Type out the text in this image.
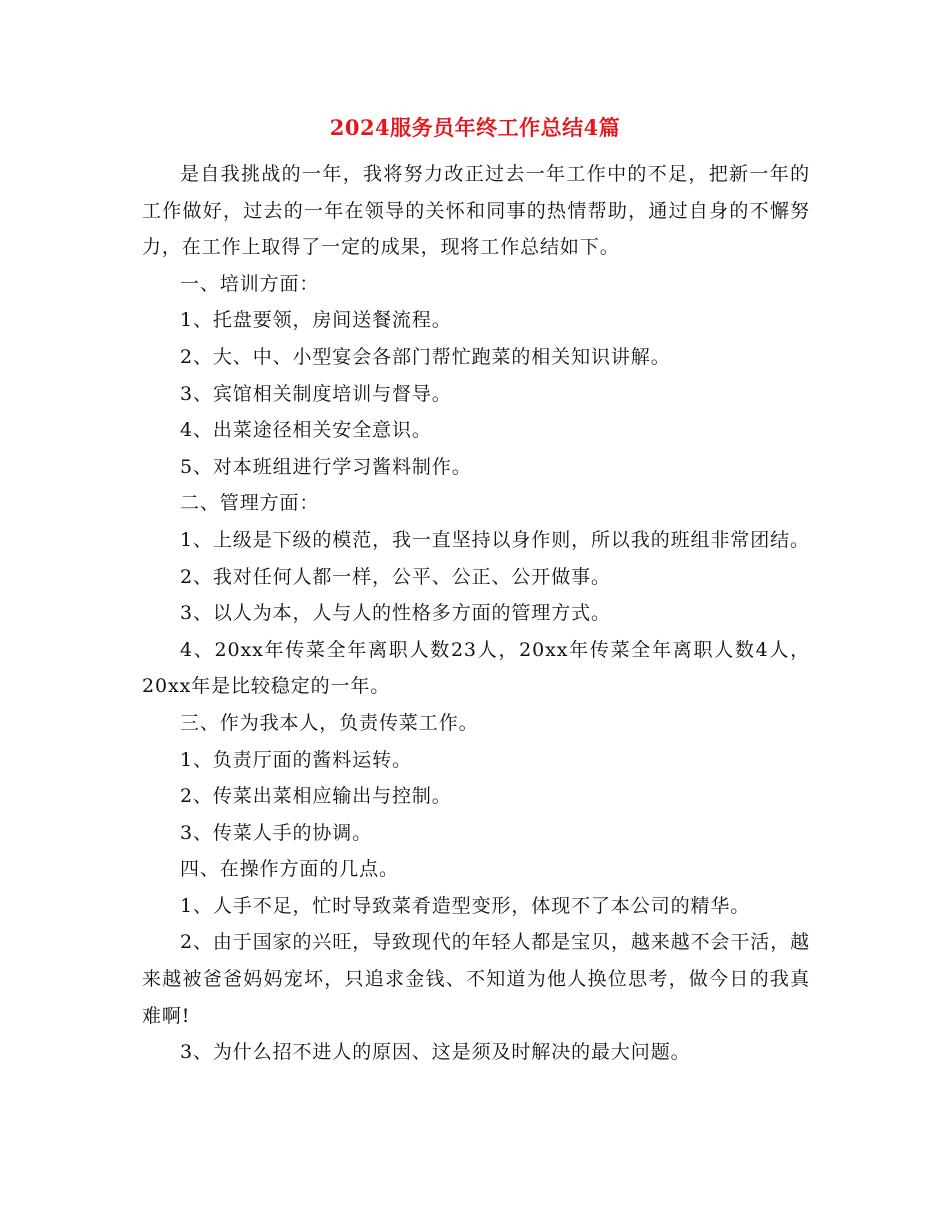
2024服务员年终工作总结4篇

是自我挑战的一年，我将努力改正过去一年工作中的不足，把新一年的工作做好，过去的一年在领导的关怀和同事的热情帮助，通过自身的不懈努力，在工作上取得了一定的成果，现将工作总结如下。

一、培训方面：

1、托盘要领，房间送餐流程。

2、大、中、小型宴会各部门帮忙跑菜的相关知识讲解。

3、宾馆相关制度培训与督导。

4、出菜途径相关安全意识。

5、对本班组进行学习酱料制作。

二、管理方面：

1、上级是下级的模范，我一直坚持以身作则，所以我的班组非常团结。

2、我对任何人都一样，公平、公正、公开做事。

3、以人为本，人与人的性格多方面的管理方式。

4、20xx年传菜全年离职人数23人，20xx年传菜全年离职人数4人，20xx年是比较稳定的一年。

三、作为我本人，负责传菜工作。

1、负责厅面的酱料运转。

2、传菜出菜相应输出与控制。

3、传菜人手的协调。

四、在操作方面的几点。

1、人手不足，忙时导致菜肴造型变形，体现不了本公司的精华。

2、由于国家的兴旺，导致现代的年轻人都是宝贝，越来越不会干活，越来越被爸爸妈妈宠坏，只追求金钱、不知道为他人换位思考，做今日的我真难啊!

3、为什么招不进人的原因、这是须及时解决的最大问题。
